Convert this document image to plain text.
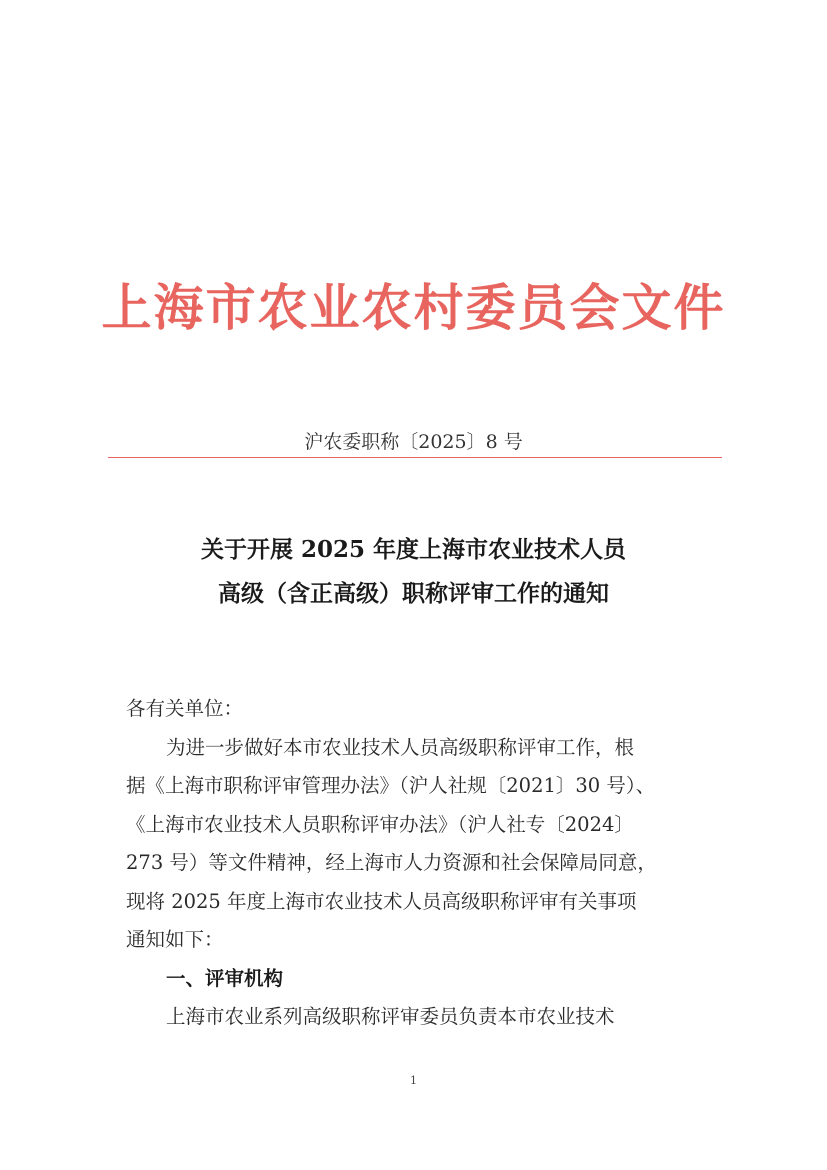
上海市农业农村委员会文件
沪农委职称〔2025〕8 号
关于开展 2025 年度上海市农业技术人员
高级（含正高级）职称评审工作的通知
各有关单位：
为进一步做好本市农业技术人员高级职称评审工作，根
据《上海市职称评审管理办法》（沪人社规〔2021〕30 号）、
《上海市农业技术人员职称评审办法》（沪人社专〔2024〕
273 号）等文件精神，经上海市人力资源和社会保障局同意，
现将 2025 年度上海市农业技术人员高级职称评审有关事项
通知如下：
一、评审机构
上海市农业系列高级职称评审委员负责本市农业技术
1
